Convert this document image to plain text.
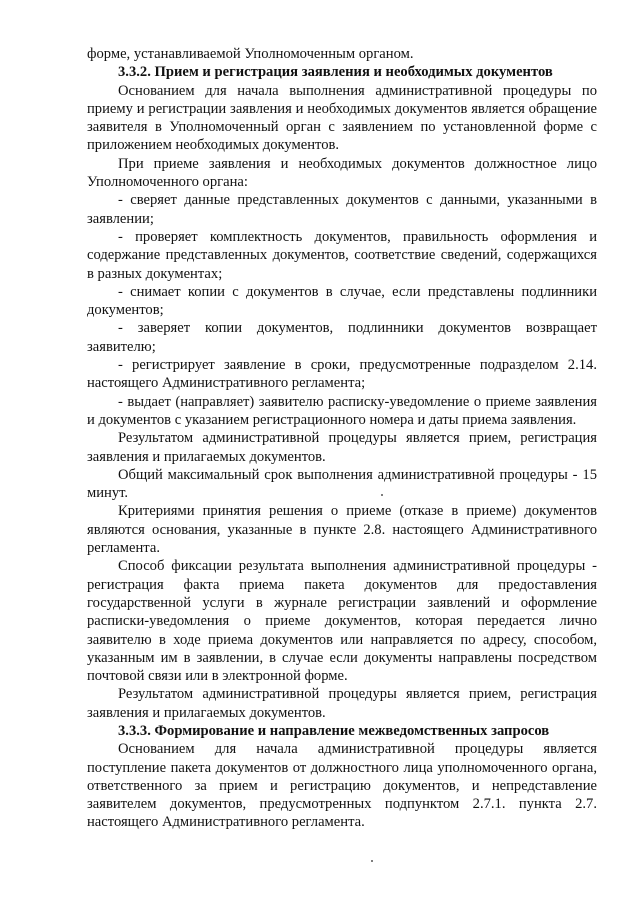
форме, устанавливаемой Уполномоченным органом.

3.3.2. Прием и регистрация заявления и необходимых документов

Основанием для начала выполнения административной процедуры по приему и регистрации заявления и необходимых документов является обращение заявителя в Уполномоченный орган с заявлением по установленной форме с приложением необходимых документов.

При приеме заявления и необходимых документов должностное лицо Уполномоченного органа:

- сверяет данные представленных документов с данными, указанными в заявлении;

- проверяет комплектность документов, правильность оформления и содержание представленных документов, соответствие сведений, содержащихся в разных документах;

- снимает копии с документов в случае, если представлены подлинники документов;

- заверяет копии документов, подлинники документов возвращает заявителю;

- регистрирует заявление в сроки, предусмотренные подразделом 2.14. настоящего Административного регламента;

- выдает (направляет) заявителю расписку-уведомление о приеме заявления и документов с указанием регистрационного номера и даты приема заявления.

Результатом административной процедуры является прием, регистрация заявления и прилагаемых документов.

Общий максимальный срок выполнения административной процедуры - 15 минут.

Критериями принятия решения о приеме (отказе в приеме) документов являются основания, указанные в пункте 2.8. настоящего Административного регламента.

Способ фиксации результата выполнения административной процедуры - регистрация факта приема пакета документов для предоставления государственной услуги в журнале регистрации заявлений и оформление расписки-уведомления о приеме документов, которая передается лично заявителю в ходе приема документов или направляется по адресу, способом, указанным им в заявлении, в случае если документы направлены посредством почтовой связи или в электронной форме.

Результатом административной процедуры является прием, регистрация заявления и прилагаемых документов.

3.3.3. Формирование и направление межведомственных запросов

Основанием для начала административной процедуры является поступление пакета документов от должностного лица уполномоченного органа, ответственного за прием и регистрацию документов, и непредставление заявителем документов, предусмотренных подпунктом 2.7.1. пункта 2.7. настоящего Административного регламента.
